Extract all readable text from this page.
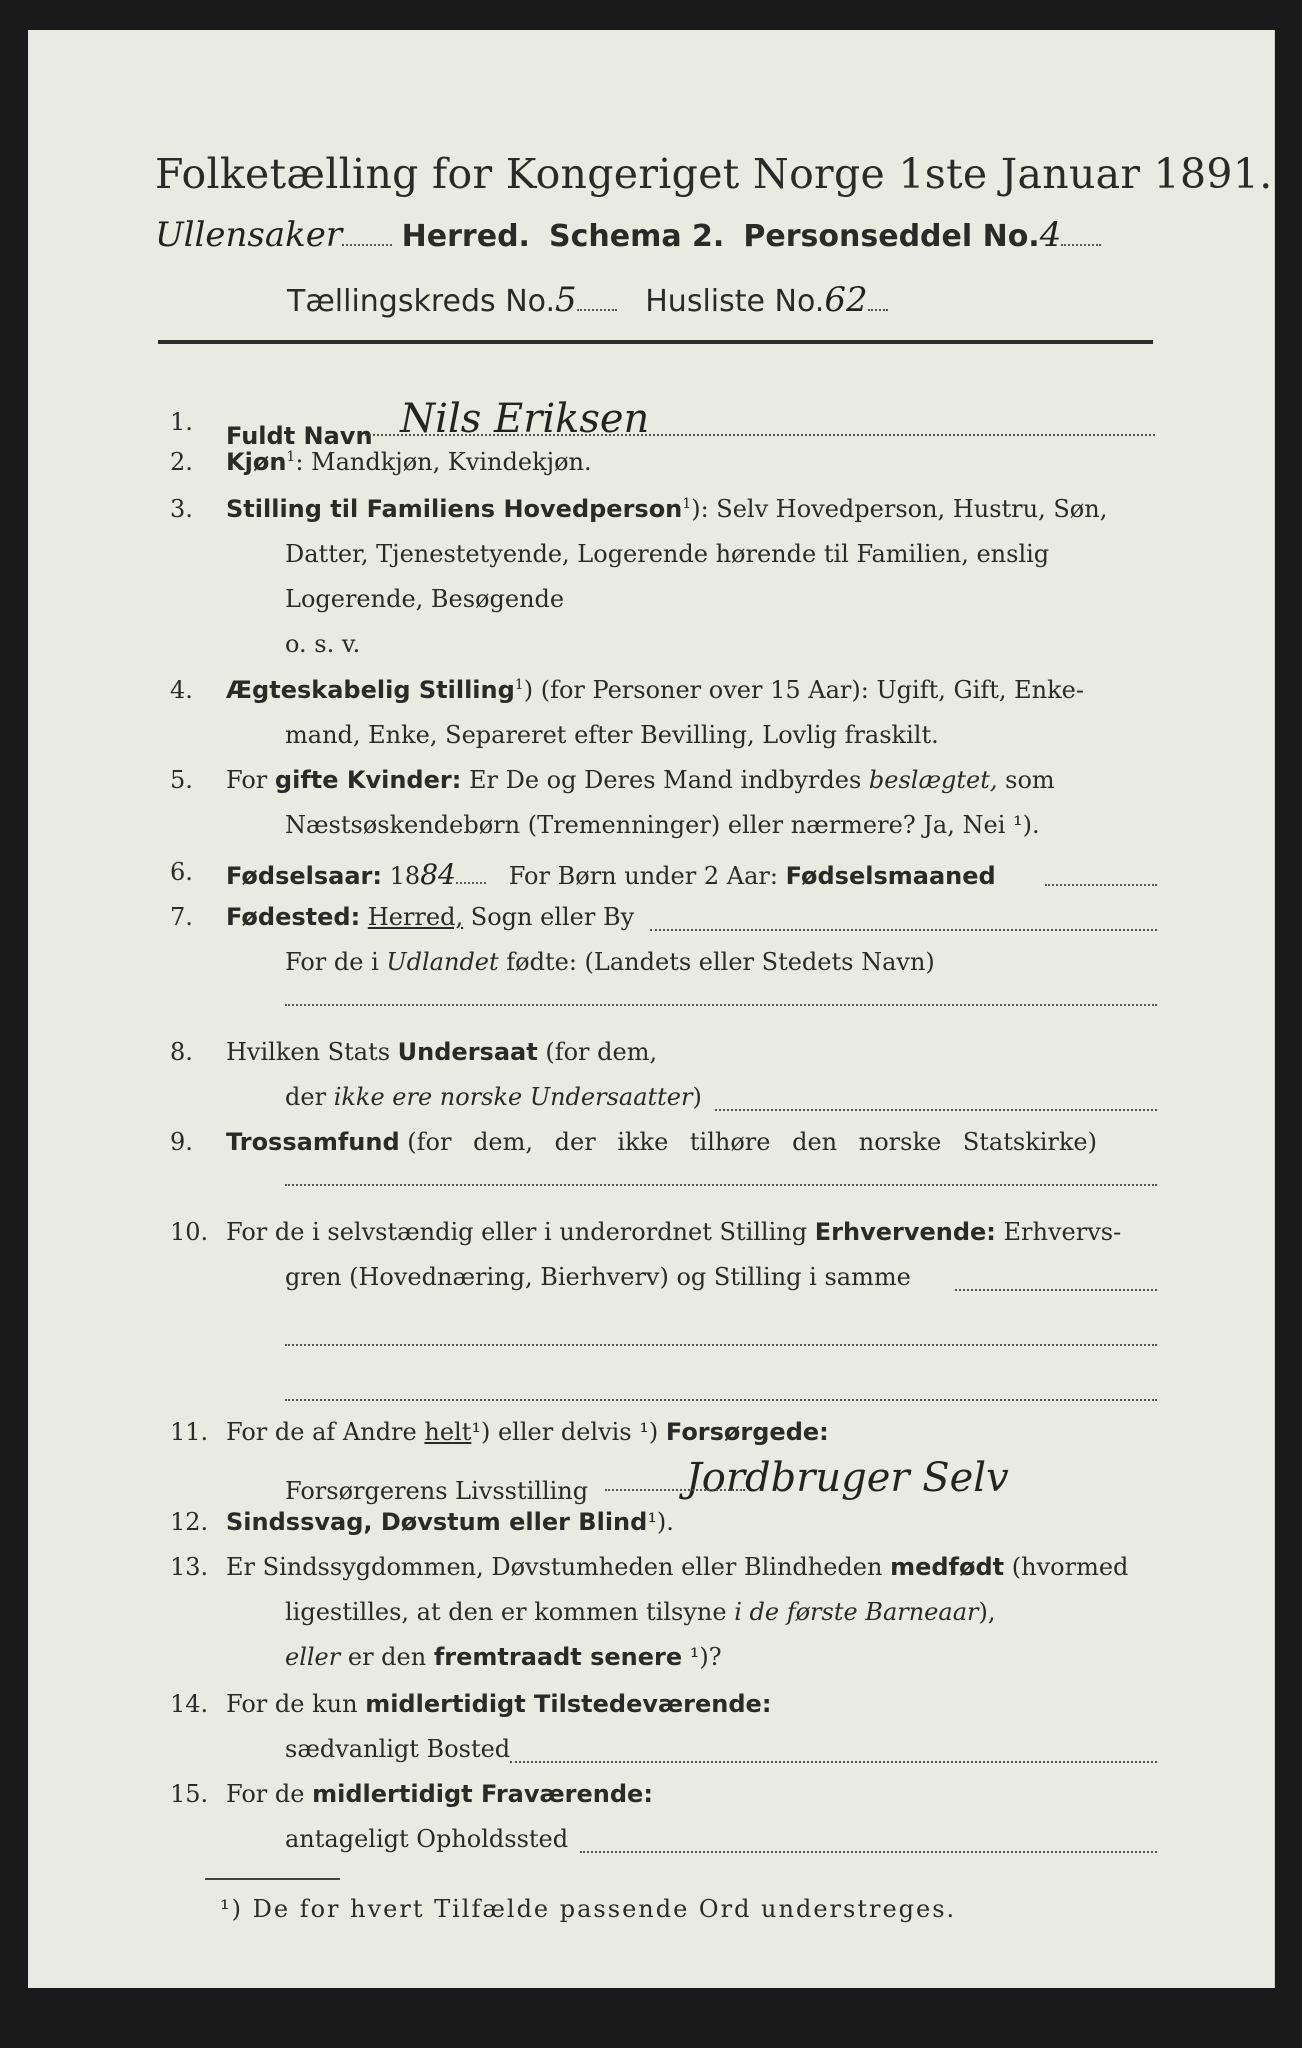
Folketælling for Kongeriget Norge 1ste Januar 1891.
Ullensaker Herred. Schema 2. Personseddel No.4
Tællingskreds No.5 Husliste No.62
1. Fuldt Navn Nils Eriksen
2. Kjøn$^1$: Mandkjøn, Kvindekjøn.
3. Stilling til Familiens Hovedperson$^1$): Selv Hovedperson, Hustru, Søn,
Datter, Tjenestetyende, Logerende hørende til Familien, enslig
Logerende, Besøgende
o. s. v.
4. Ægteskabelig Stilling$^1$) (for Personer over 15 Aar): Ugift, Gift, Enke-
mand, Enke, Separeret efter Bevilling, Lovlig fraskilt.
5. For gifte Kvinder: Er De og Deres Mand indbyrdes beslægtet, som
Næstsøskendebørn (Tremenninger) eller nærmere? Ja, Nei ¹).
6. Fødselsaar: 1884 For Børn under 2 Aar: Fødselsmaaned
7. Fødested: Herred, Sogn eller By
For de i Udlandet fødte: (Landets eller Stedets Navn)
8. Hvilken Stats Undersaat (for dem,
der ikke ere norske Undersaatter)
9. Trossamfund (for dem, der ikke tilhøre den norske Statskirke)
10. For de i selvstændig eller i underordnet Stilling Erhvervende: Erhvervs-
gren (Hovednæring, Bierhverv) og Stilling i samme
11. For de af Andre helt¹) eller delvis ¹) Forsørgede:
Forsørgerens Livsstilling Jordbruger Selv
12. Sindssvag, Døvstum eller Blind¹).
13. Er Sindssygdommen, Døvstumheden eller Blindheden medfødt (hvormed
ligestilles, at den er kommen tilsyne i de første Barneaar),
eller er den fremtraadt senere ¹)?
14. For de kun midlertidigt Tilstedeværende:
sædvanligt Bosted
15. For de midlertidigt Fraværende:
antageligt Opholdssted
¹) De for hvert Tilfælde passende Ord understreges.
